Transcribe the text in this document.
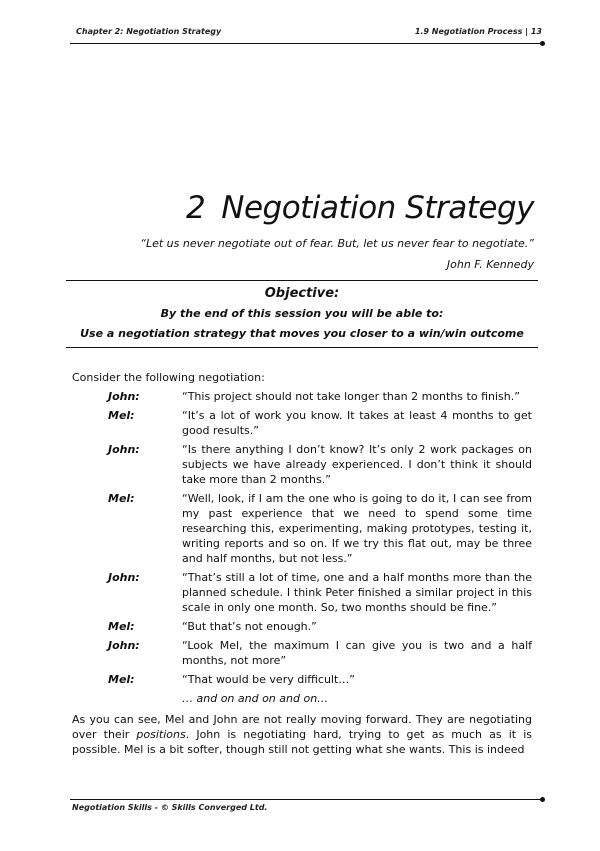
Chapter 2: Negotiation Strategy	1.9 Negotiation Process | 13
2 Negotiation Strategy
“Let us never negotiate out of fear. But, let us never fear to negotiate.”
John F. Kennedy
Objective:
By the end of this session you will be able to:
Use a negotiation strategy that moves you closer to a win/win outcome
Consider the following negotiation:
John:	“This project should not take longer than 2 months to finish.”
Mel:	“It’s a lot of work you know. It takes at least 4 months to get good results.”
John:	“Is there anything I don’t know? It’s only 2 work packages on subjects we have already experienced. I don’t think it should take more than 2 months.”
Mel:	“Well, look, if I am the one who is going to do it, I can see from my past experience that we need to spend some time researching this, experimenting, making prototypes, testing it, writing reports and so on. If we try this flat out, may be three and half months, but not less.”
John:	“That’s still a lot of time, one and a half months more than the planned schedule. I think Peter finished a similar project in this scale in only one month. So, two months should be fine.”
Mel:	“But that’s not enough.”
John:	“Look Mel, the maximum I can give you is two and a half months, not more”
Mel:	“That would be very difficult…”
… and on and on and on…
As you can see, Mel and John are not really moving forward. They are negotiating over their positions. John is negotiating hard, trying to get as much as it is possible. Mel is a bit softer, though still not getting what she wants. This is indeed
Negotiation Skills - © Skills Converged Ltd.
